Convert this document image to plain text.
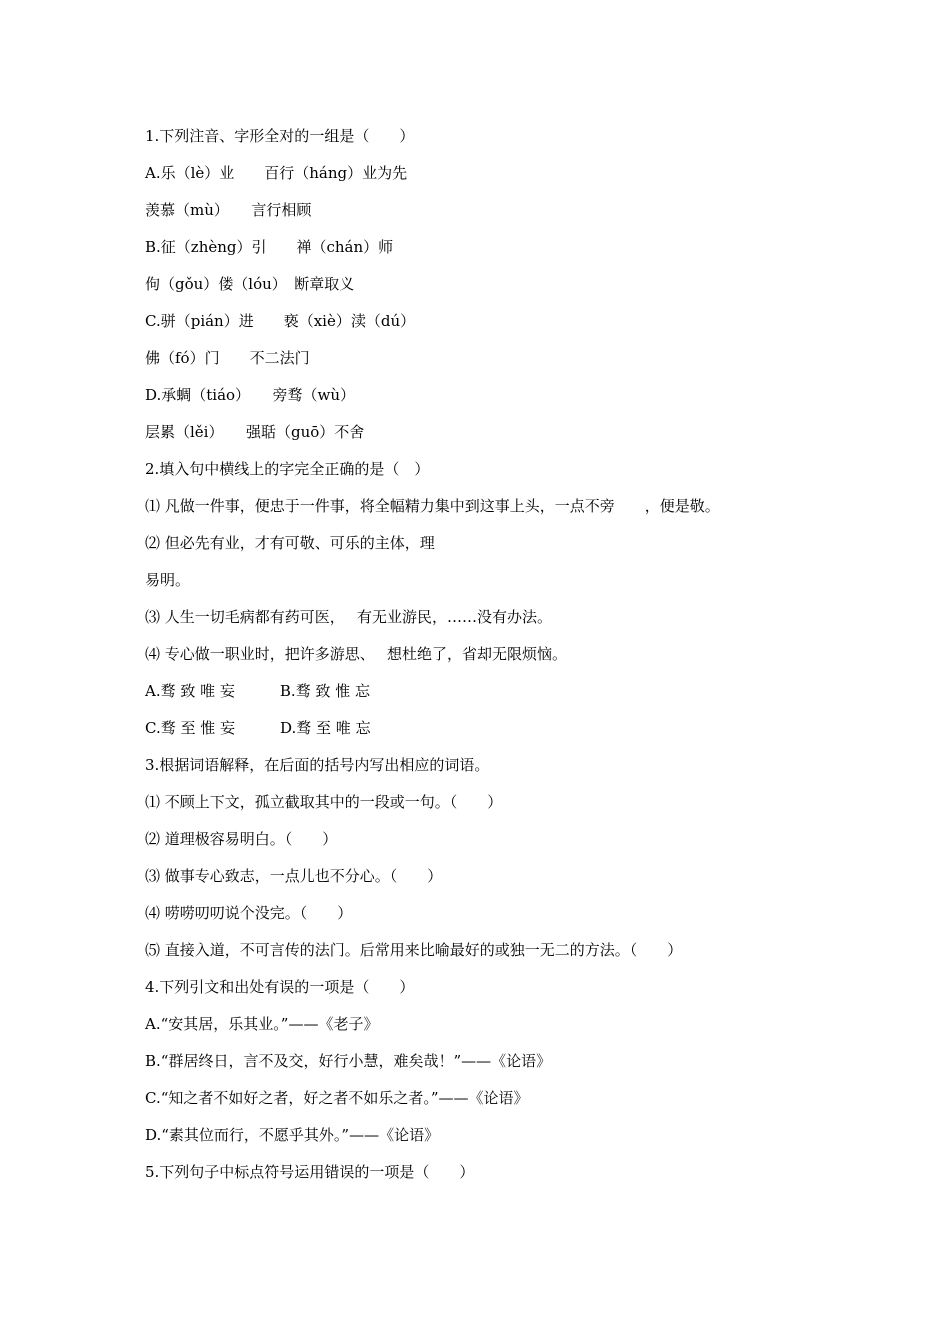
1.下列注音、字形全对的一组是（　　）
A.乐（lè）业　　百行（háng）业为先
羡慕（mù）　　言行相顾
B.征（zhèng）引　　禅（chán）师
佝（gǒu）偻（lóu）　断章取义
C.骈（pián）进　　亵（xiè）渎（dú）
佛（fó）门　　不二法门
D.承蜩（tiáo）　　旁骛（wù）
层累（lěi）　　强聒（guō）不舍
2.填入句中横线上的字完全正确的是（　）
⑴ 凡做一件事，便忠于一件事，将全幅精力集中到这事上头，一点不旁　　，便是敬。
⑵ 但必先有业，才有可敬、可乐的主体，理
易明。
⑶ 人生一切毛病都有药可医，　 有无业游民，……没有办法。
⑷ 专心做一职业时，把许多游思、　 想杜绝了，省却无限烦恼。
A.骛 致 唯 妄　　　B.骛 致 惟 忘
C.骛 至 惟 妄　　　D.骛 至 唯 忘
3.根据词语解释，在后面的括号内写出相应的词语。
⑴ 不顾上下文，孤立截取其中的一段或一句。（　　）
⑵ 道理极容易明白。（　　）
⑶ 做事专心致志，一点儿也不分心。（　　）
⑷ 唠唠叨叨说个没完。（　　）
⑸ 直接入道，不可言传的法门。后常用来比喻最好的或独一无二的方法。（　　）
4.下列引文和出处有误的一项是（　　）
A.“安其居，乐其业。”——《老子》
B.“群居终日，言不及交，好行小慧，难矣哉！”——《论语》
C.“知之者不如好之者，好之者不如乐之者。”——《论语》
D.“素其位而行，不愿乎其外。”——《论语》
5.下列句子中标点符号运用错误的一项是（　　）
